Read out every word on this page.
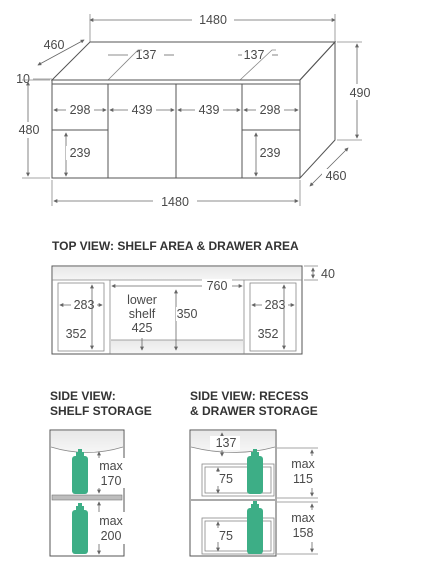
1480
460
10
137	137
298	439	439	298
239	239
480
490
460
1480
TOP VIEW: SHELF AREA & DRAWER AREA
40
760
283	283
352	352
lower
shelf
425
350
SIDE VIEW:
SHELF STORAGE
max
170
max
200
SIDE VIEW: RECESS
& DRAWER STORAGE
137
75
75
max
115
max
158
